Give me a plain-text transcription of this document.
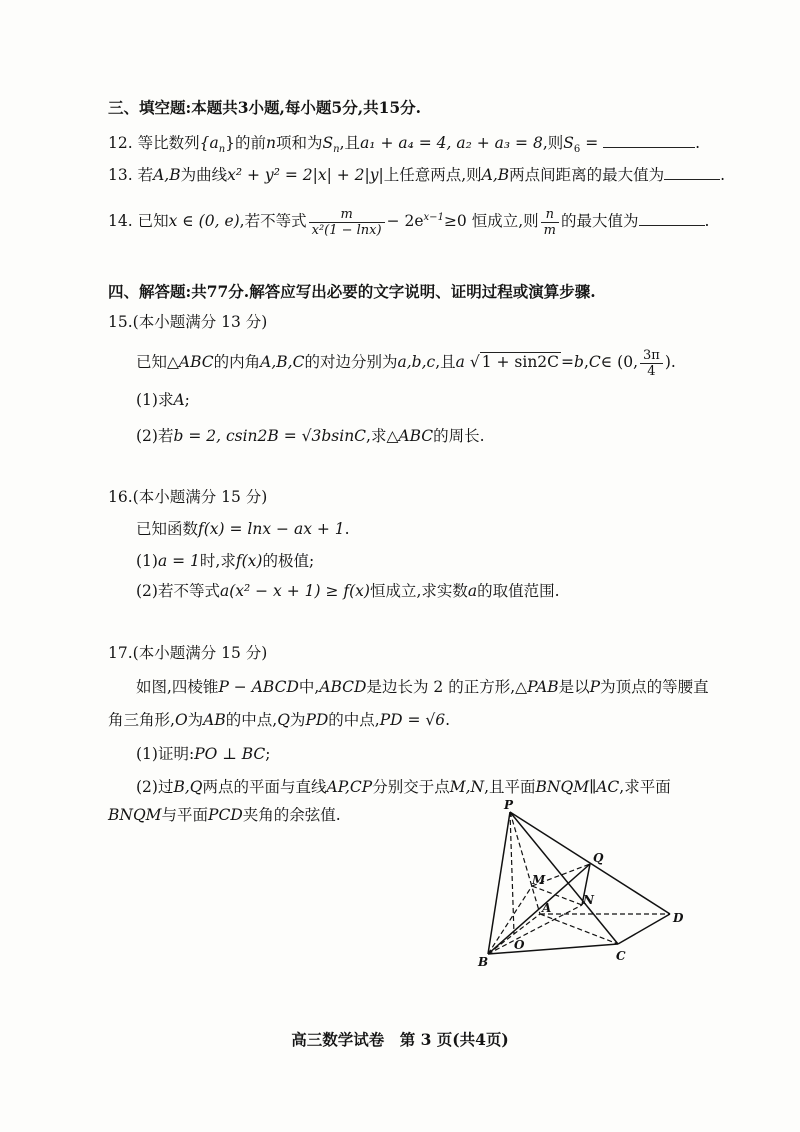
三、填空题:本题共3小题,每小题5分,共15分.
12. 等比数列$\{a_n\}$的前n项和为$S_n$,且a₁ + a₄ = 4, a₂ + a₃ = 8,则$S_6$ =	.
13. 若A,B为曲线x² + y² = 2|x| + 2|y|上任意两点,则A,B两点间距离的最大值为	.
14. 已知x ∈ (0, e),若不等式 $\frac{m}{\text{x²(1 − lnx)}} - 2e^{x-1}\ge 0$ 恒成立,则 $\frac{n}{m}$ 的最大值为	.
四、解答题:共77分.解答应写出必要的文字说明、证明过程或演算步骤.
15.(本小题满分 13 分)
已知△ABC的内角A,B,C的对边分别为a,b,c,且a √ 1 + sin2C =b,C∈ (0, $\frac{3\pi}{4}$ ).
(1)求A;
(2)若b = 2, csin2B = √3bsinC,求△ABC的周长.
16.(本小题满分 15 分)
已知函数f(x) = lnx − ax + 1.
(1)a = 1时,求f(x)的极值;
(2)若不等式a(x² − x + 1) ≥ f(x)恒成立,求实数a的取值范围.
17.(本小题满分 15 分)
如图,四棱锥P − ABCD中,ABCD是边长为 2 的正方形,△PAB是以P为顶点的等腰直
角三角形,O为AB的中点,Q为PD的中点,PD = √6.
(1)证明:PO ⊥ BC;
(2)过B,Q两点的平面与直线AP,CP分别交于点M,N,且平面BNQM∥AC,求平面
BNQM与平面PCD夹角的余弦值.
P
Q
M
N
A
D
O
B	C
高三数学试卷　第 3 页(共4页)
